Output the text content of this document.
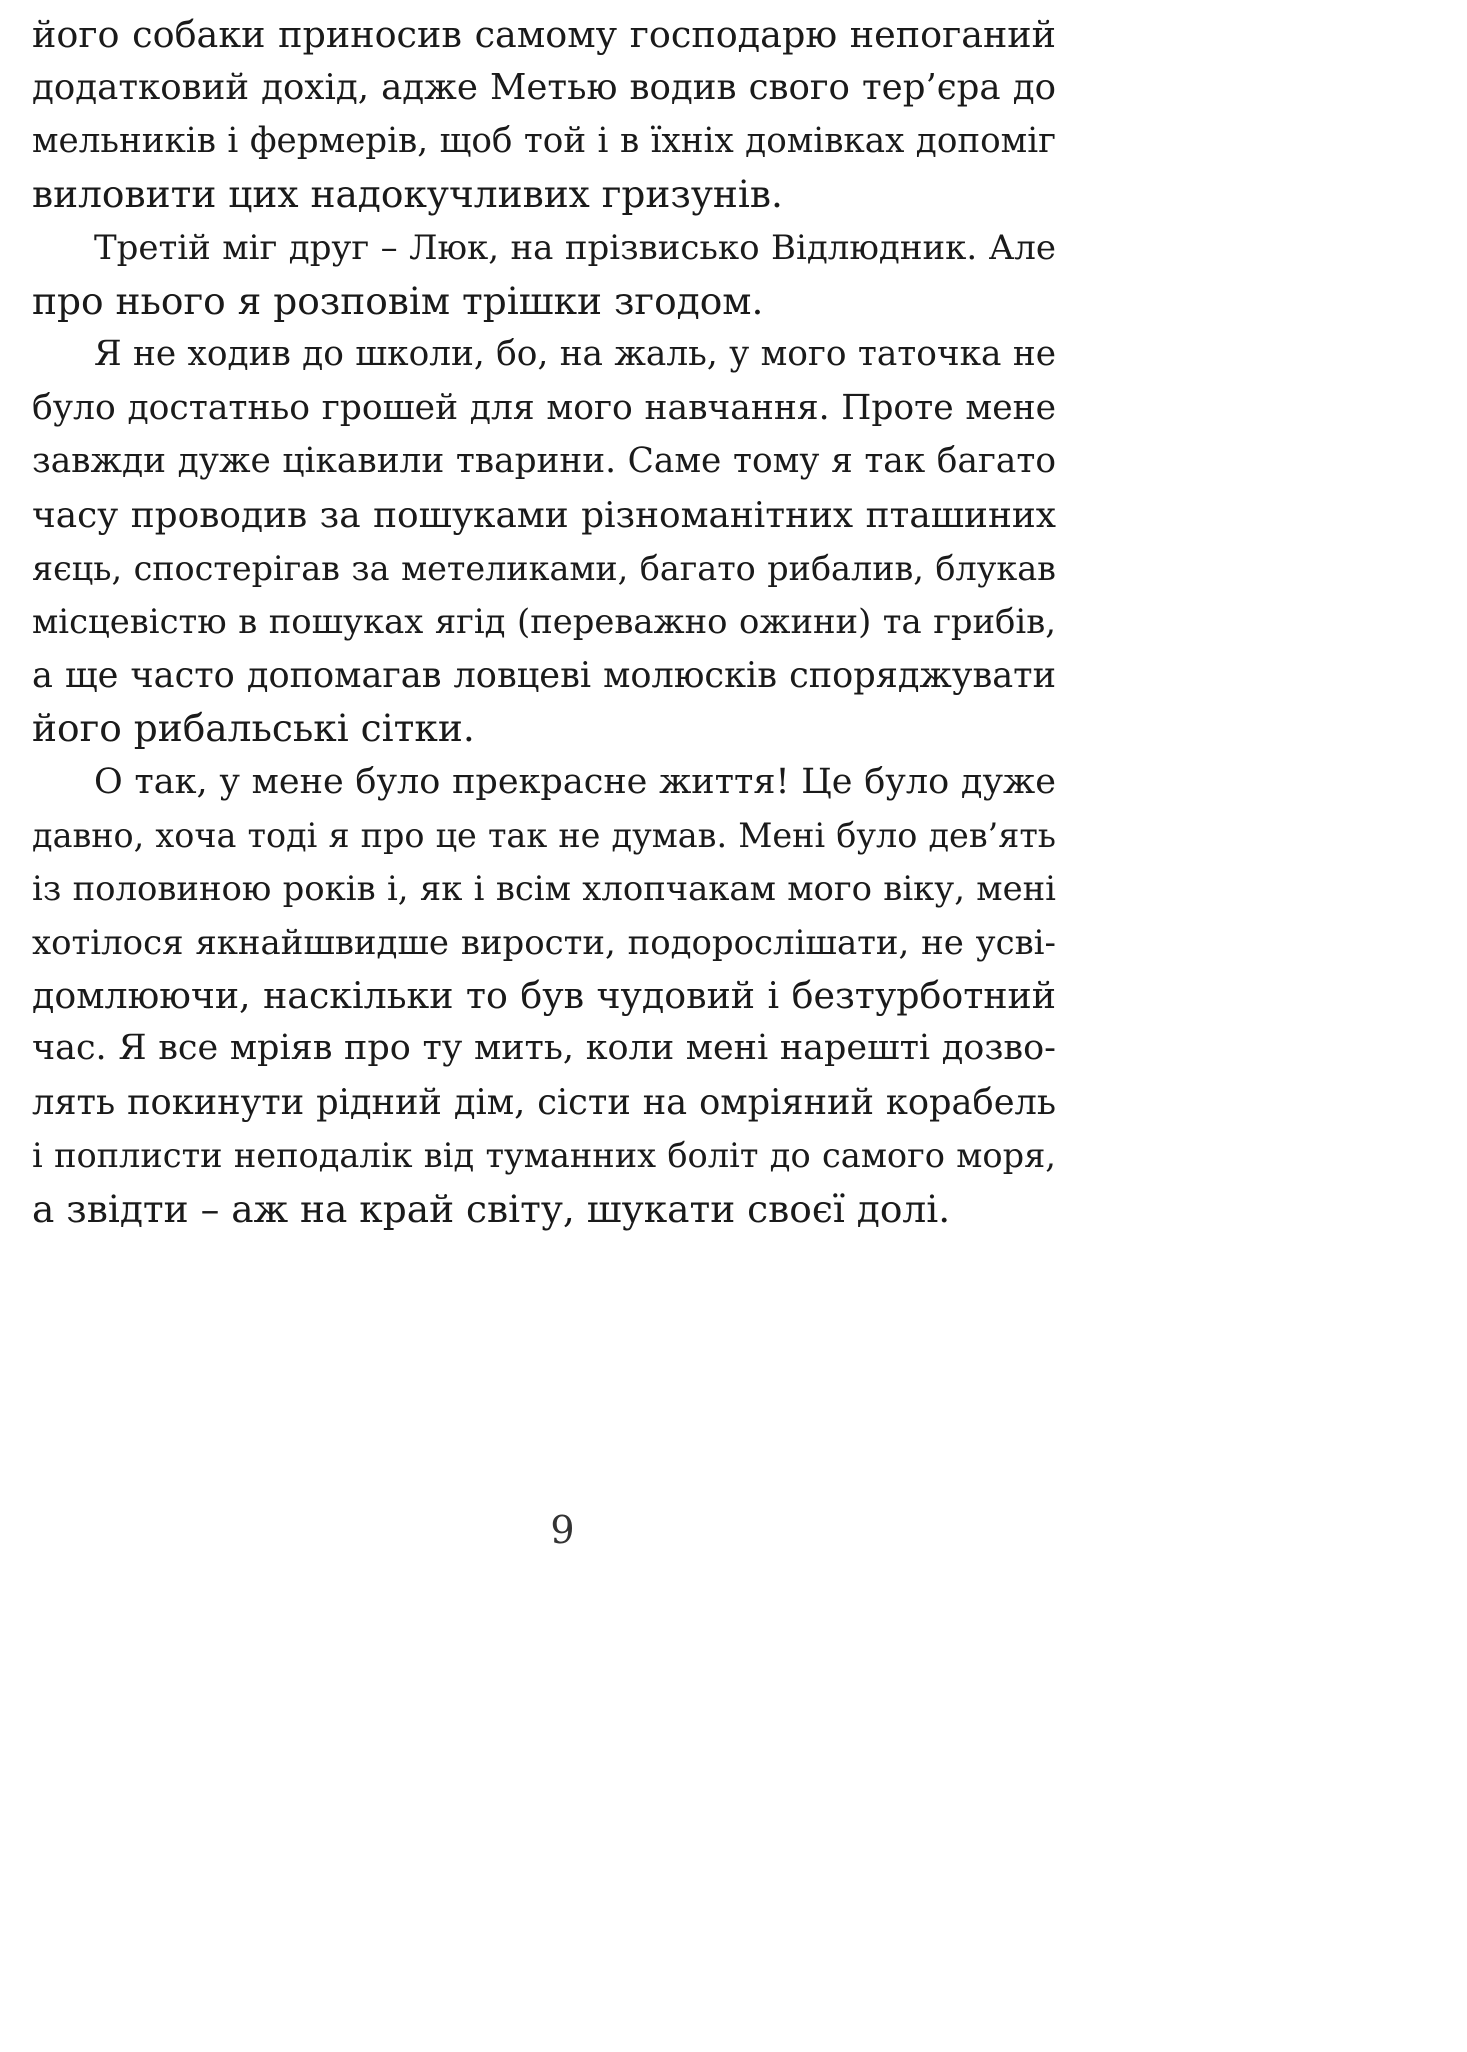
його собаки приносив самому господарю непоганий
додатковий дохід, адже Метью водив свого тер’єра до
мельників і фермерів, щоб той і в їхніх домівках допоміг
виловити цих надокучливих гризунів.
Третій міг друг – Люк, на прізвисько Відлюдник. Але
про нього я розповім трішки згодом.
Я не ходив до школи, бо, на жаль, у мого таточка не
було достатньо грошей для мого навчання. Проте мене
завжди дуже цікавили тварини. Саме тому я так багато
часу проводив за пошуками різноманітних пташиних
яєць, спостерігав за метеликами, багато рибалив, блукав
місцевістю в пошуках ягід (переважно ожини) та грибів,
а ще часто допомагав ловцеві молюсків споряджувати
його рибальські сітки.
О так, у мене було прекрасне життя! Це було дуже
давно, хоча тоді я про це так не думав. Мені було дев’ять
із половиною років і, як і всім хлопчакам мого віку, мені
хотілося якнайшвидше вирости, подорослішати, не усві-
домлюючи, наскільки то був чудовий і безтурботний
час. Я все мріяв про ту мить, коли мені нарешті дозво-
лять покинути рідний дім, сісти на омріяний корабель
і поплисти неподалік від туманних боліт до самого моря,
а звідти – аж на край світу, шукати своєї долі.
9
